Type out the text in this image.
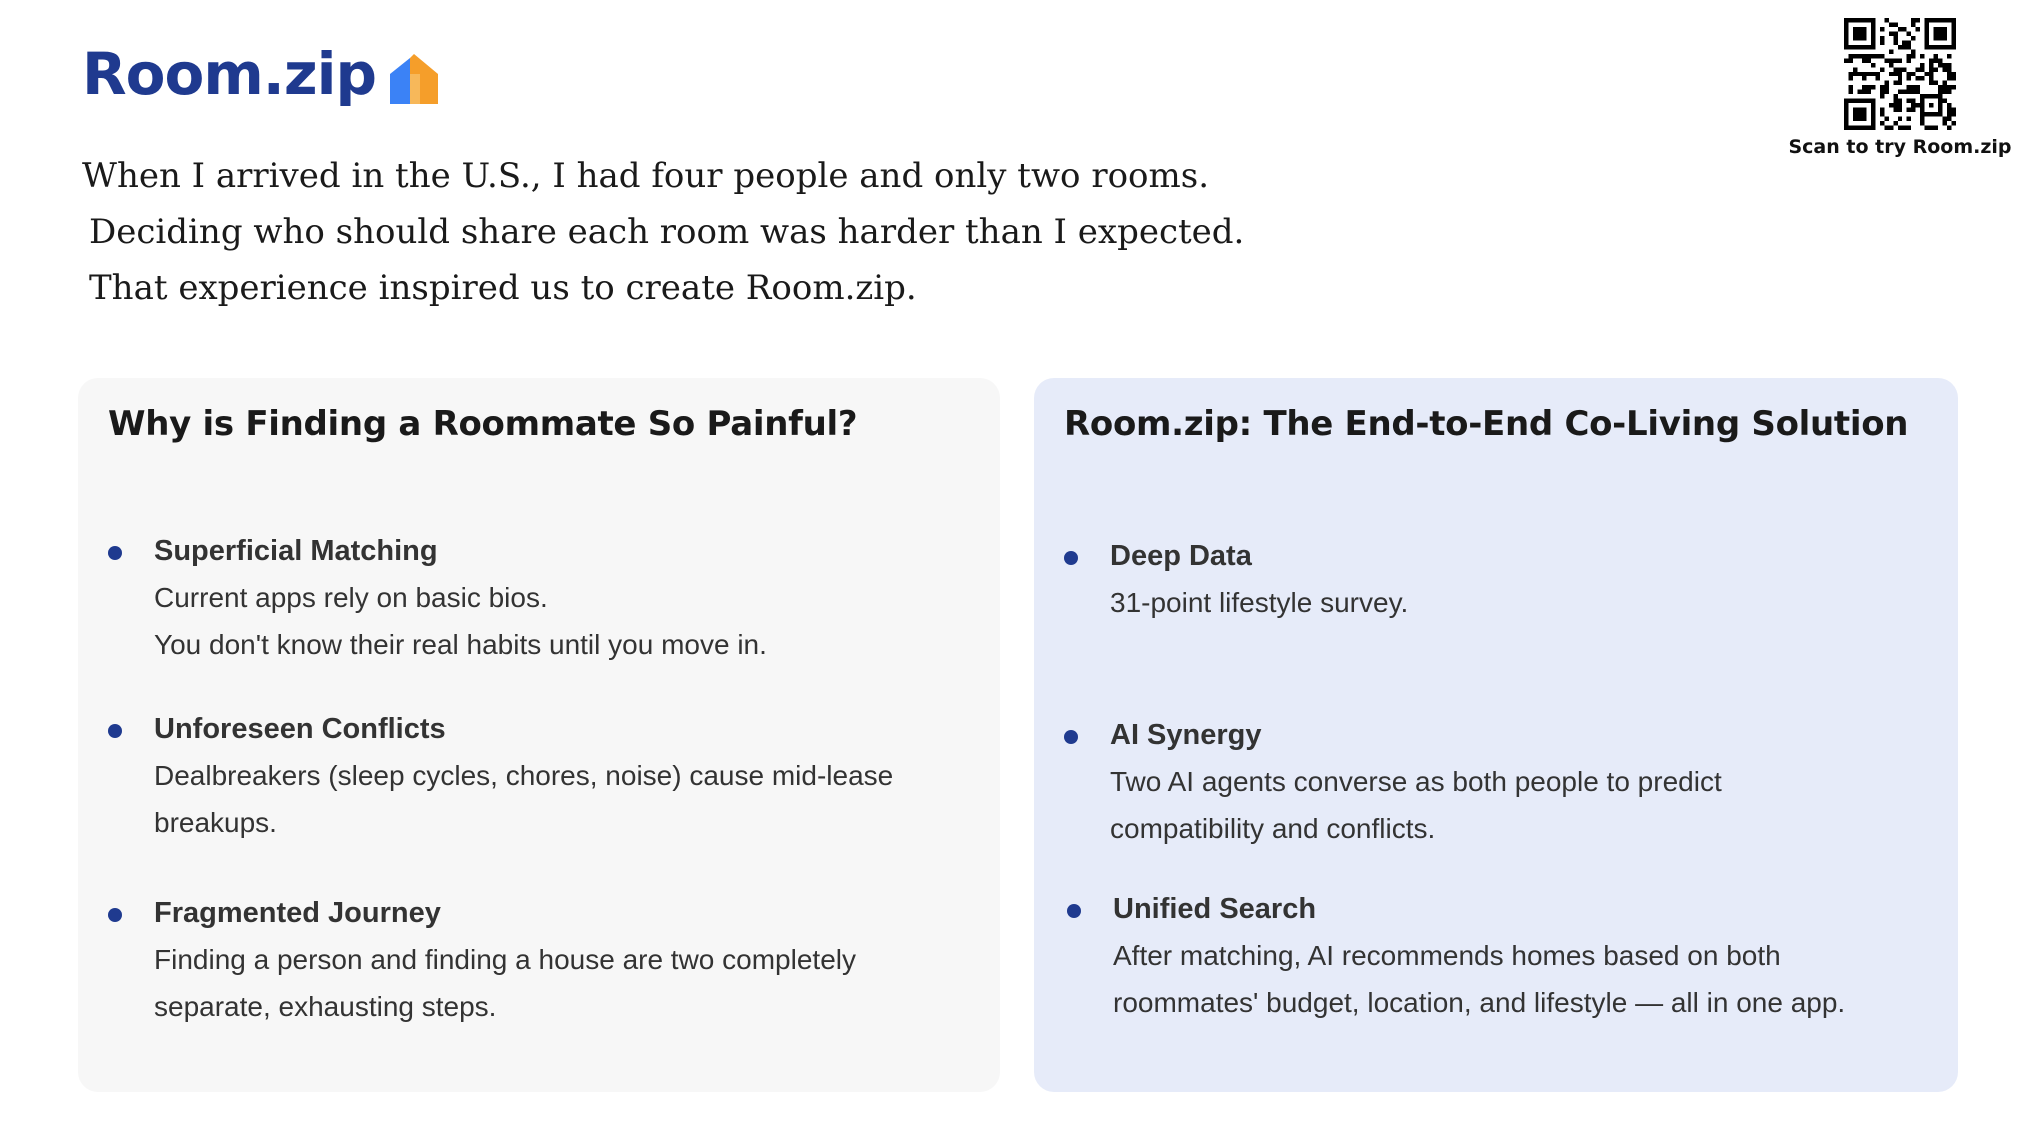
Room.zip

When I arrived in the U.S., I had four people and only two rooms.

Deciding who should share each room was harder than I expected.

That experience inspired us to create Room.zip.

Scan to try Room.zip
Why is Finding a Roommate So Painful?
Superficial Matching

Current apps rely on basic bios.

You don't know their real habits until you move in.

Unforeseen Conflicts

Dealbreakers (sleep cycles, chores, noise) cause mid-lease

breakups.

Fragmented Journey

Finding a person and finding a house are two completely

separate, exhausting steps.

Room.zip: The End-to-End Co-Living Solution
Deep Data

31-point lifestyle survey.

AI Synergy

Two AI agents converse as both people to predict

compatibility and conflicts.

Unified Search

After matching, AI recommends homes based on both

roommates' budget, location, and lifestyle — all in one app.
